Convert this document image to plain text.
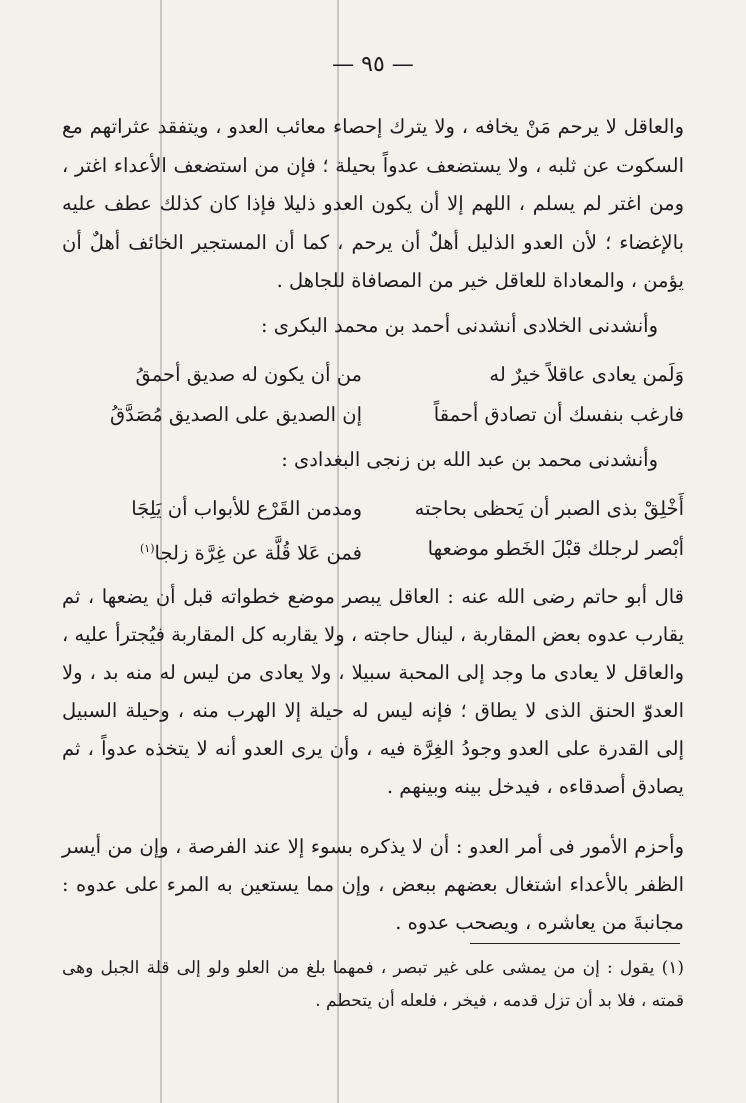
— ٩٥ —
والعاقل لا يرحم مَنْ يخافه ، ولا يترك إحصاء معائب العدو ، ويتفقد عثراتهم مع السكوت عن ثلبه ، ولا يستضعف عدواً بحيلة ؛ فإن من استضعف الأعداء اغتر ، ومن اغتر لم يسلم ، اللهم إلا أن يكون العدو ذليلا فإذا كان كذلك عطف عليه بالإغضاء ؛ لأن العدو الذليل أهلٌ أن يرحم ، كما أن المستجير الخائف أهلٌ أن يؤمن ، والمعاداة للعاقل خير من المصافاة للجاهل .
وأنشدنى الخلادى أنشدنى أحمد بن محمد البكرى :
وَلَمن يعادى عاقلاً خيرٌ له
من أن يكون له صديق أحمقُ
فارغب بنفسك أن تصادق أحمقاً
إن الصديق على الصديق مُصَدَّقُ
وأنشدنى محمد بن عبد الله بن زنجى البغدادى :
أَخْلِقْ بذى الصبر أن يَحظى بحاجته
ومدمن القَرْع للأبواب أن يَلِجَا
أبْصر لرجلك قبْلَ الخَطو موضعها
فمن عَلا قُلَّة عن غِرَّة زلجا$^{(١)}$
قال أبو حاتم رضى الله عنه : العاقل يبصر موضع خطواته قبل أن يضعها ، ثم يقارب عدوه بعض المقاربة ، لينال حاجته ، ولا يقاربه كل المقاربة فيُجترأ عليه ، والعاقل لا يعادى ما وجد إلى المحبة سبيلا ، ولا يعادى من ليس له منه بد ، ولا العدوّ الحنق الذى لا يطاق ؛ فإنه ليس له حيلة إلا الهرب منه ، وحيلة السبيل إلى القدرة على العدو وجودُ الغِرَّة فيه ، وأن يرى العدو أنه لا يتخذه عدواً ، ثم يصادق أصدقاءه ، فيدخل بينه وبينهم .
وأحزم الأمور فى أمر العدو : أن لا يذكره بسوء إلا عند الفرصة ، وإن من أيسر الظفر بالأعداء اشتغال بعضهم ببعض ، وإن مما يستعين به المرء على عدوه : مجانبةَ من يعاشره ، ويصحب عدوه .
(١) يقول : إن من يمشى على غير تبصر ، فمهما بلغ من العلو ولو إلى قلة الجبل وهى قمته ، فلا بد أن تزل قدمه ، فيخر ، فلعله أن يتحطم .
